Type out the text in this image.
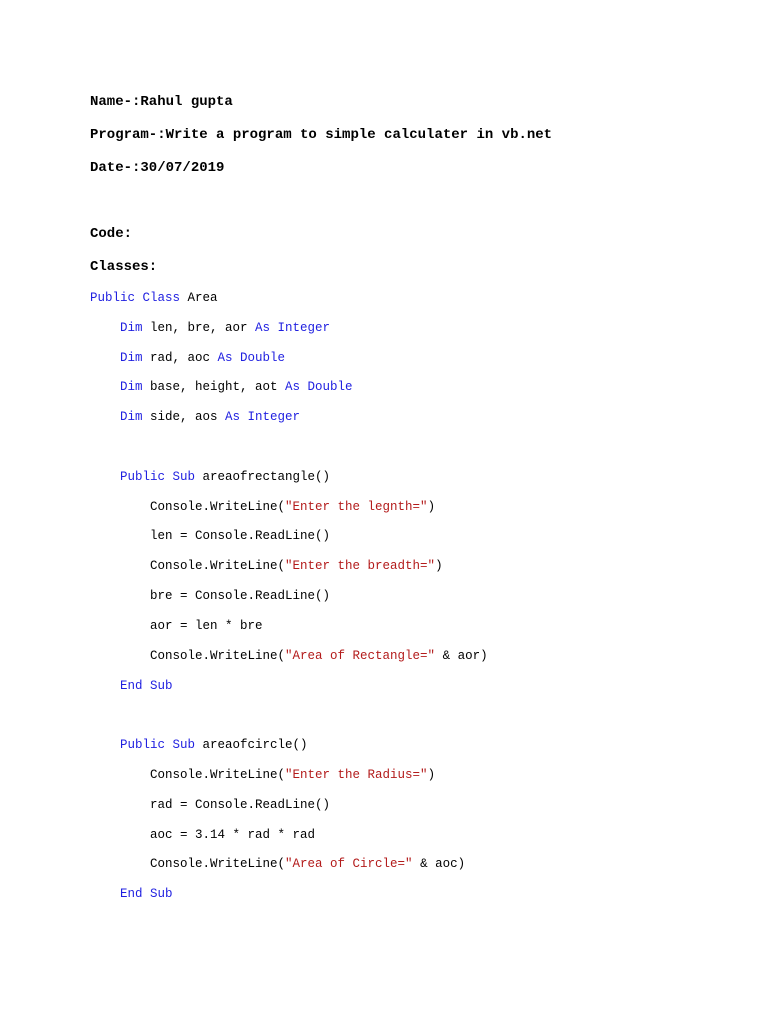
Name-:Rahul gupta
Program-:Write a program to simple calculater in vb.net
Date-:30/07/2019
Code:
Classes:
Public Class Area
Dim len, bre, aor As Integer
Dim rad, aoc As Double
Dim base, height, aot As Double
Dim side, aos As Integer
Public Sub areaofrectangle()
Console.WriteLine("Enter the legnth=")
len = Console.ReadLine()
Console.WriteLine("Enter the breadth=")
bre = Console.ReadLine()
aor = len * bre
Console.WriteLine("Area of Rectangle=" & aor)
End Sub
Public Sub areaofcircle()
Console.WriteLine("Enter the Radius=")
rad = Console.ReadLine()
aoc = 3.14 * rad * rad
Console.WriteLine("Area of Circle=" & aoc)
End Sub
